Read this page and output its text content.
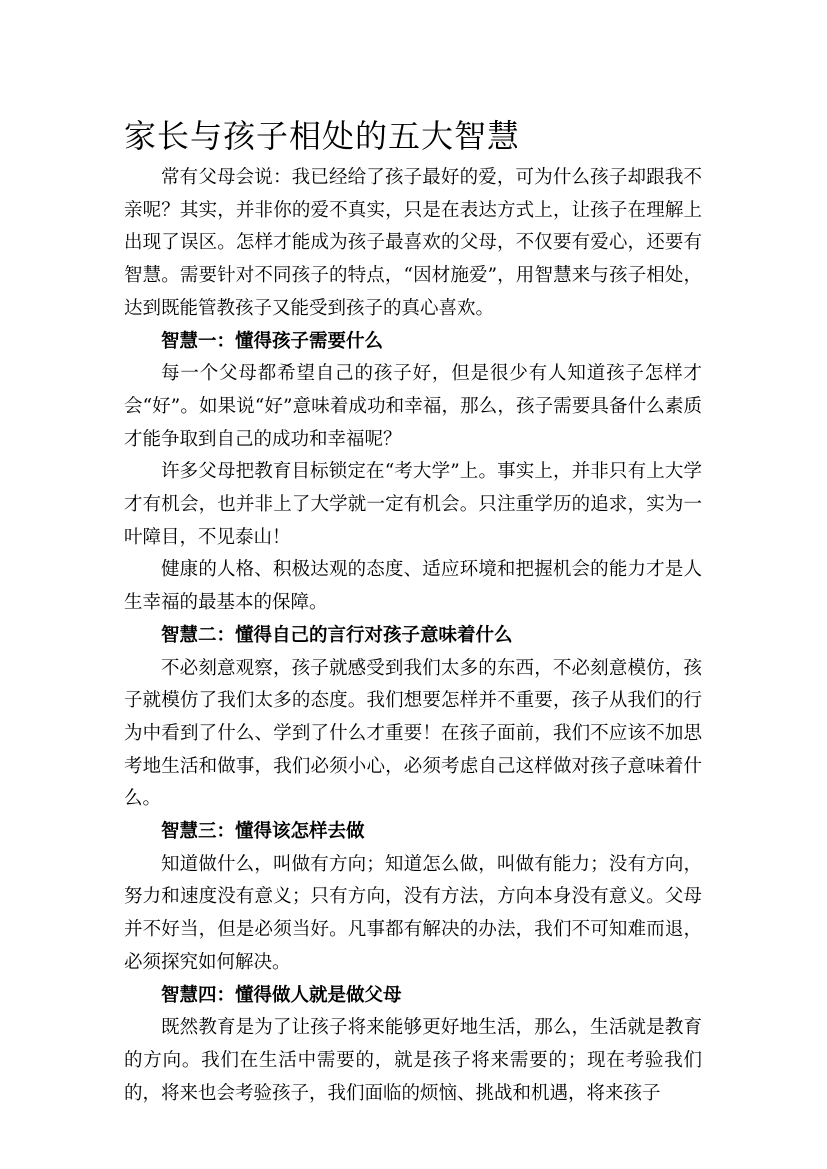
家长与孩子相处的五大智慧

常有父母会说：我已经给了孩子最好的爱，可为什么孩子却跟我不亲呢？其实，并非你的爱不真实，只是在表达方式上，让孩子在理解上出现了误区。怎样才能成为孩子最喜欢的父母，不仅要有爱心，还要有智慧。需要针对不同孩子的特点，“因材施爱”，用智慧来与孩子相处，达到既能管教孩子又能受到孩子的真心喜欢。

智慧一：懂得孩子需要什么

每一个父母都希望自己的孩子好，但是很少有人知道孩子怎样才会“好”。如果说“好”意味着成功和幸福，那么，孩子需要具备什么素质才能争取到自己的成功和幸福呢？

许多父母把教育目标锁定在“考大学”上。事实上，并非只有上大学才有机会，也并非上了大学就一定有机会。只注重学历的追求，实为一叶障目，不见泰山！

健康的人格、积极达观的态度、适应环境和把握机会的能力才是人生幸福的最基本的保障。

智慧二：懂得自己的言行对孩子意味着什么

不必刻意观察，孩子就感受到我们太多的东西，不必刻意模仿，孩子就模仿了我们太多的态度。我们想要怎样并不重要，孩子从我们的行为中看到了什么、学到了什么才重要！在孩子面前，我们不应该不加思考地生活和做事，我们必须小心，必须考虑自己这样做对孩子意味着什么。

智慧三：懂得该怎样去做

知道做什么，叫做有方向；知道怎么做，叫做有能力；没有方向，努力和速度没有意义；只有方向，没有方法，方向本身没有意义。父母并不好当，但是必须当好。凡事都有解决的办法，我们不可知难而退，必须探究如何解决。

智慧四：懂得做人就是做父母

既然教育是为了让孩子将来能够更好地生活，那么，生活就是教育的方向。我们在生活中需要的，就是孩子将来需要的；现在考验我们的，将来也会考验孩子，我们面临的烦恼、挑战和机遇，将来孩子
